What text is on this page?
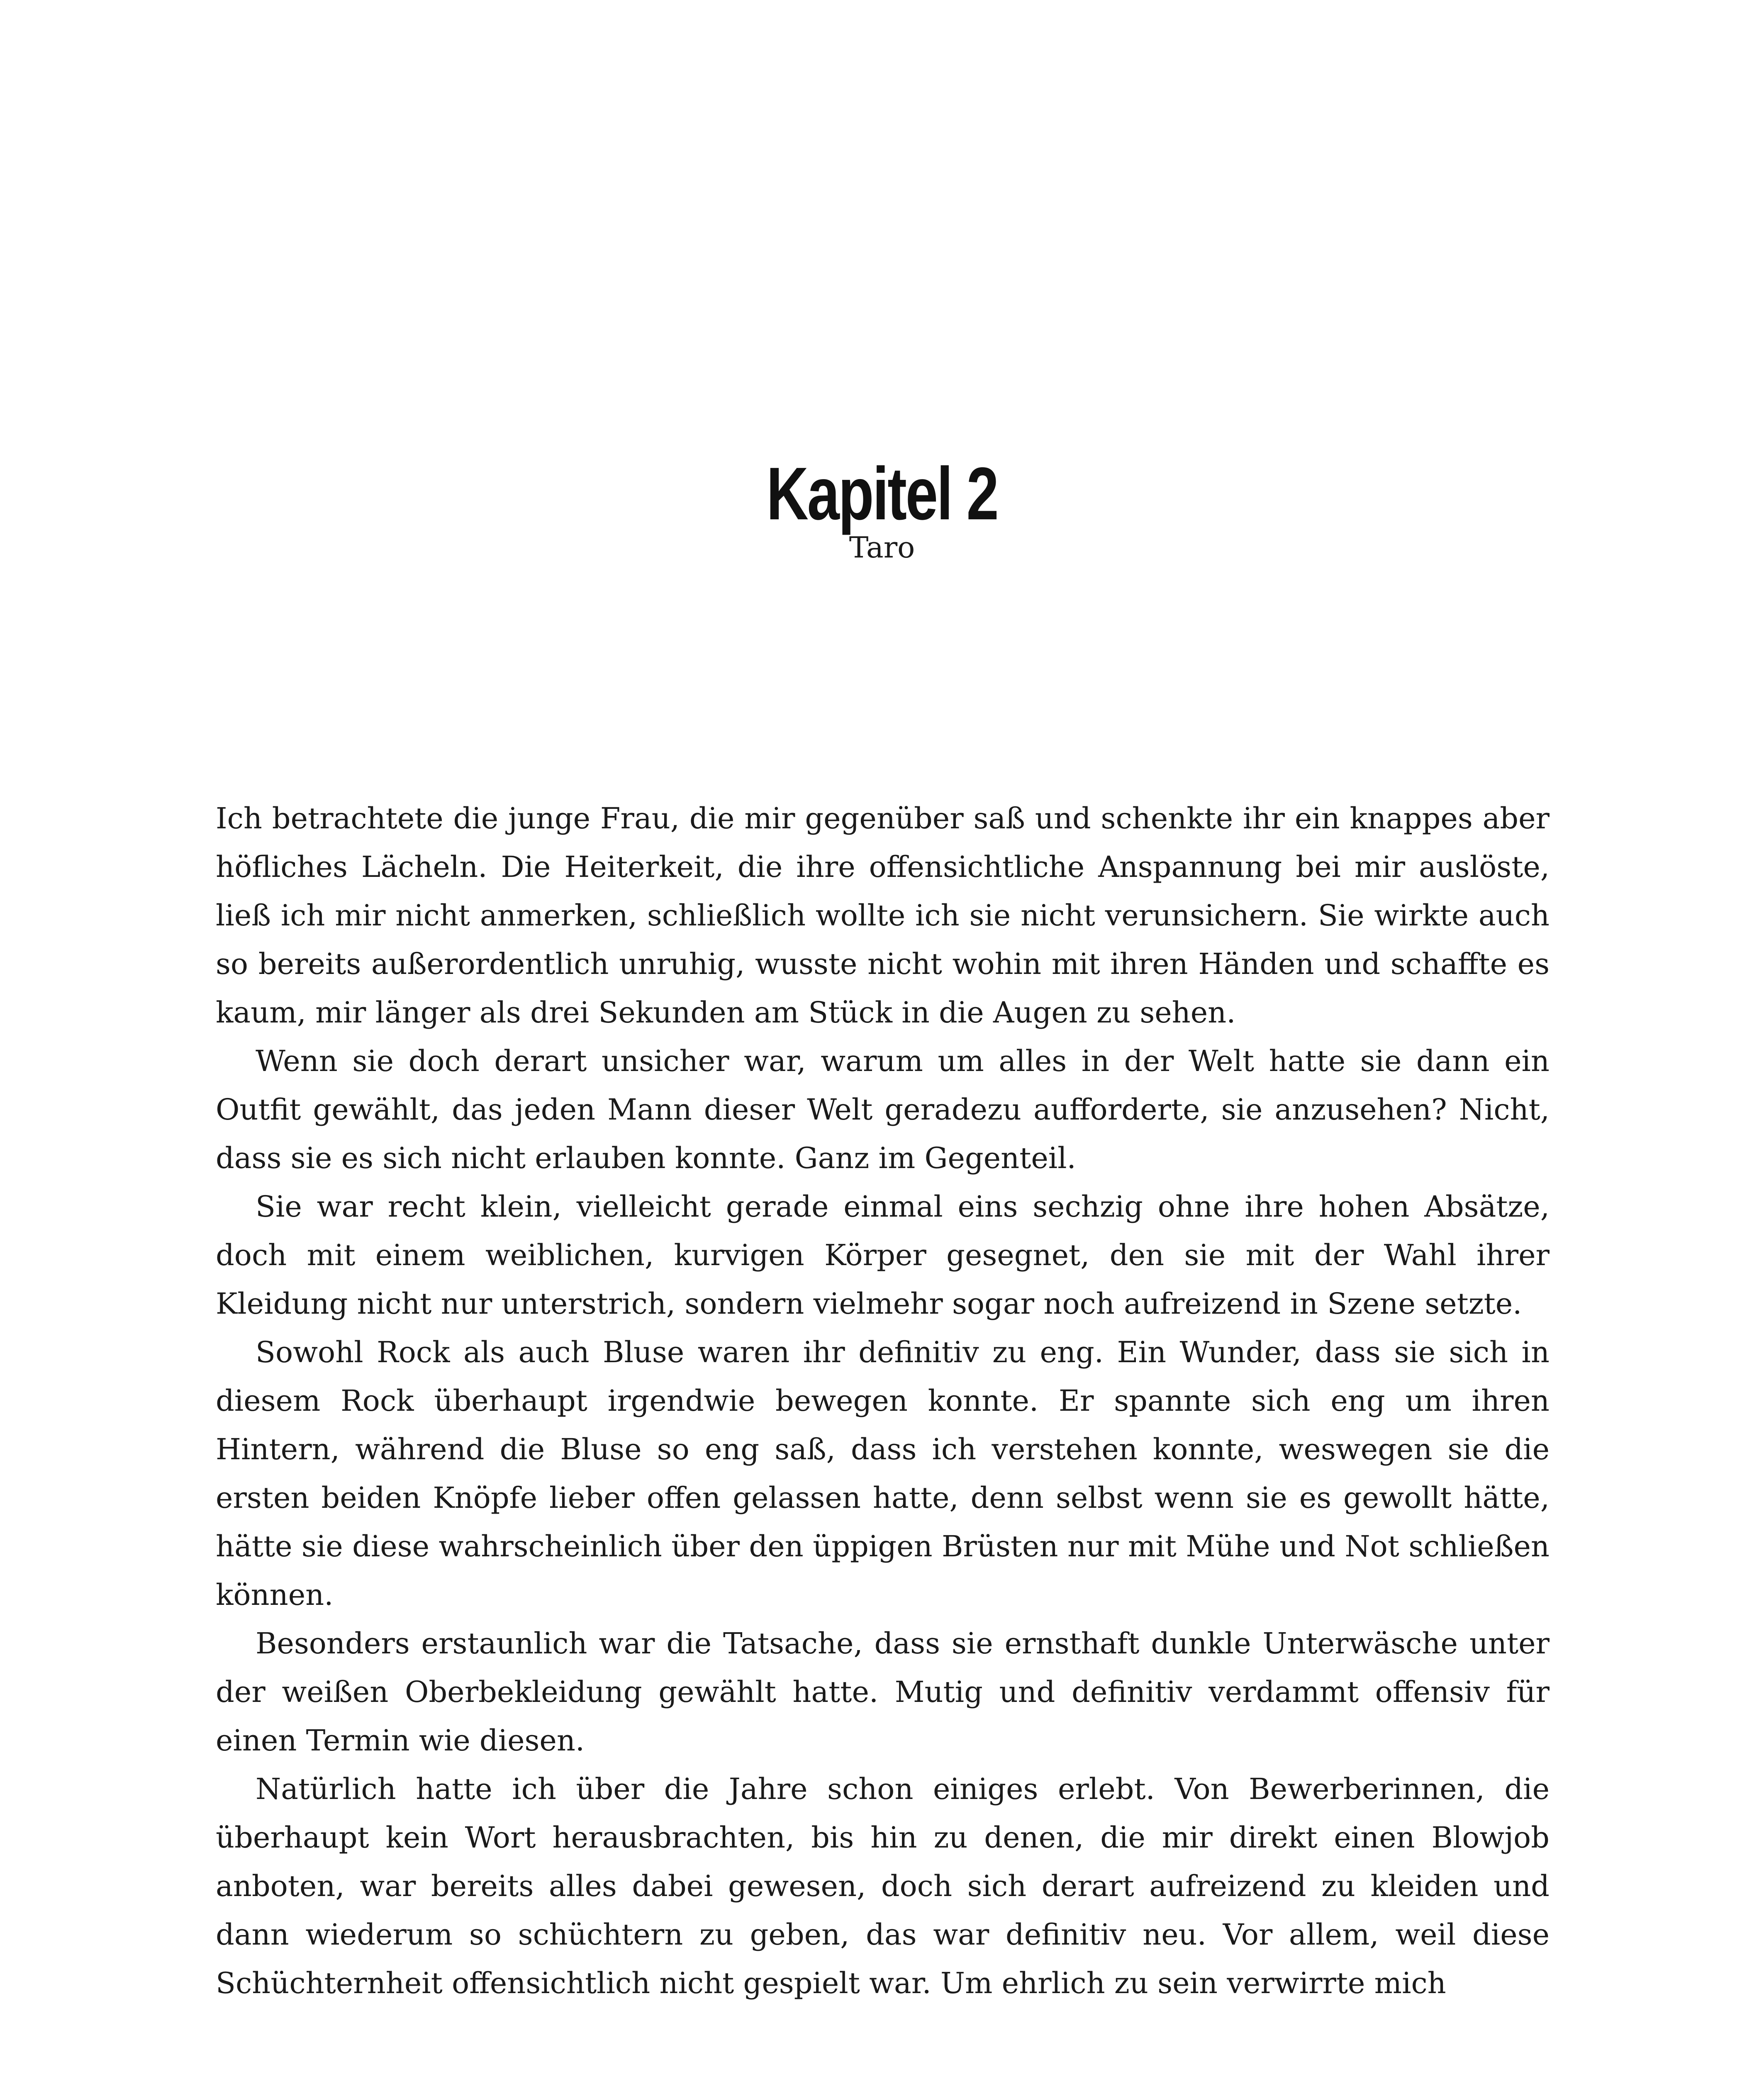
Kapitel 2
Taro

Ich betrachtete die junge Frau, die mir gegenüber saß und schenkte ihr ein knappes aber höfliches Lächeln. Die Heiterkeit, die ihre offensichtliche Anspannung bei mir auslöste, ließ ich mir nicht anmerken, schließlich wollte ich sie nicht verunsichern. Sie wirkte auch so bereits außerordentlich unruhig, wusste nicht wohin mit ihren Händen und schaffte es kaum, mir länger als drei Sekunden am Stück in die Augen zu sehen.

Wenn sie doch derart unsicher war, warum um alles in der Welt hatte sie dann ein Outfit gewählt, das jeden Mann dieser Welt geradezu aufforderte, sie anzusehen? Nicht, dass sie es sich nicht erlauben konnte. Ganz im Gegenteil.

Sie war recht klein, vielleicht gerade einmal eins sechzig ohne ihre hohen Absätze, doch mit einem weiblichen, kurvigen Körper gesegnet, den sie mit der Wahl ihrer Kleidung nicht nur unterstrich, sondern vielmehr sogar noch aufreizend in Szene setzte.

Sowohl Rock als auch Bluse waren ihr definitiv zu eng. Ein Wunder, dass sie sich in diesem Rock überhaupt irgendwie bewegen konnte. Er spannte sich eng um ihren Hintern, während die Bluse so eng saß, dass ich verstehen konnte, weswegen sie die ersten beiden Knöpfe lieber offen gelassen hatte, denn selbst wenn sie es gewollt hätte, hätte sie diese wahrscheinlich über den üppigen Brüsten nur mit Mühe und Not schließen können.

Besonders erstaunlich war die Tatsache, dass sie ernsthaft dunkle Unterwäsche unter der weißen Oberbekleidung gewählt hatte. Mutig und definitiv verdammt offensiv für einen Termin wie diesen.

Natürlich hatte ich über die Jahre schon einiges erlebt. Von Bewerberinnen, die überhaupt kein Wort herausbrachten, bis hin zu denen, die mir direkt einen Blowjob anboten, war bereits alles dabei gewesen, doch sich derart aufreizend zu kleiden und dann wiederum so schüchtern zu geben, das war definitiv neu. Vor allem, weil diese Schüchternheit offensichtlich nicht gespielt war. Um ehrlich zu sein verwirrte mich
